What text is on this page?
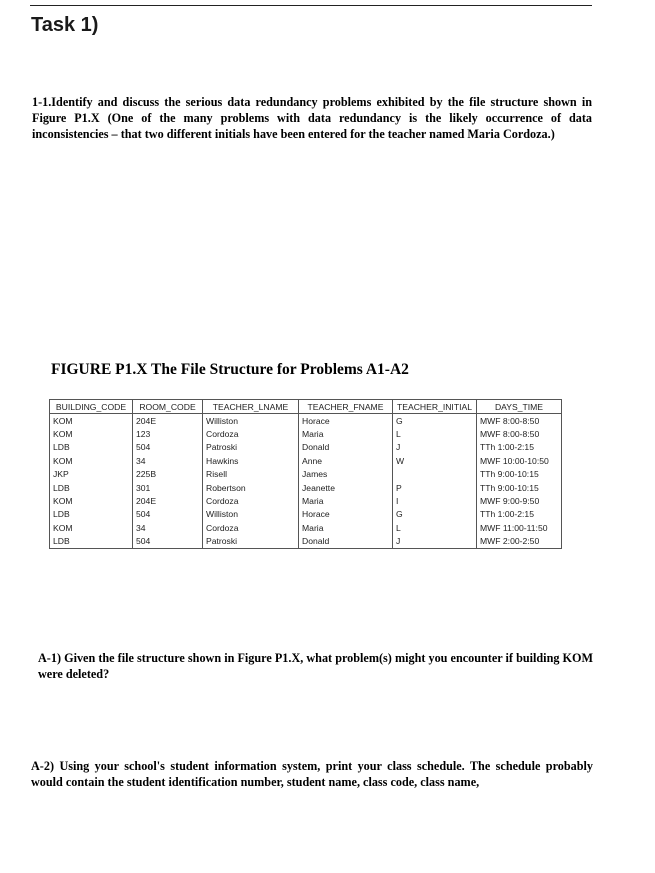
Task 1)
1-1.Identify and discuss the serious data redundancy problems exhibited by the file structure shown in Figure P1.X (One of the many problems with data redundancy is the likely occurrence of data inconsistencies – that two different initials have been entered for the teacher named Maria Cordoza.)
FIGURE P1.X The File Structure for Problems A1-A2
BUILDING_CODE	ROOM_CODE	TEACHER_LNAME	TEACHER_FNAME	TEACHER_INITIAL	DAYS_TIME
KOM	204E	Williston	Horace	G	MWF 8:00-8:50
KOM	123	Cordoza	Maria	L	MWF 8:00-8:50
LDB	504	Patroski	Donald	J	TTh 1:00-2:15
KOM	34	Hawkins	Anne	W	MWF 10:00-10:50
JKP	225B	Risell	James		TTh 9:00-10:15
LDB	301	Robertson	Jeanette	P	TTh 9:00-10:15
KOM	204E	Cordoza	Maria	I	MWF 9:00-9:50
LDB	504	Williston	Horace	G	TTh 1:00-2:15
KOM	34	Cordoza	Maria	L	MWF 11:00-11:50
LDB	504	Patroski	Donald	J	MWF 2:00-2:50
A-1) Given the file structure shown in Figure P1.X, what problem(s) might you encounter if building KOM were deleted?
A-2) Using your school's student information system, print your class schedule. The schedule probably would contain the student identification number, student name, class code, class name,
